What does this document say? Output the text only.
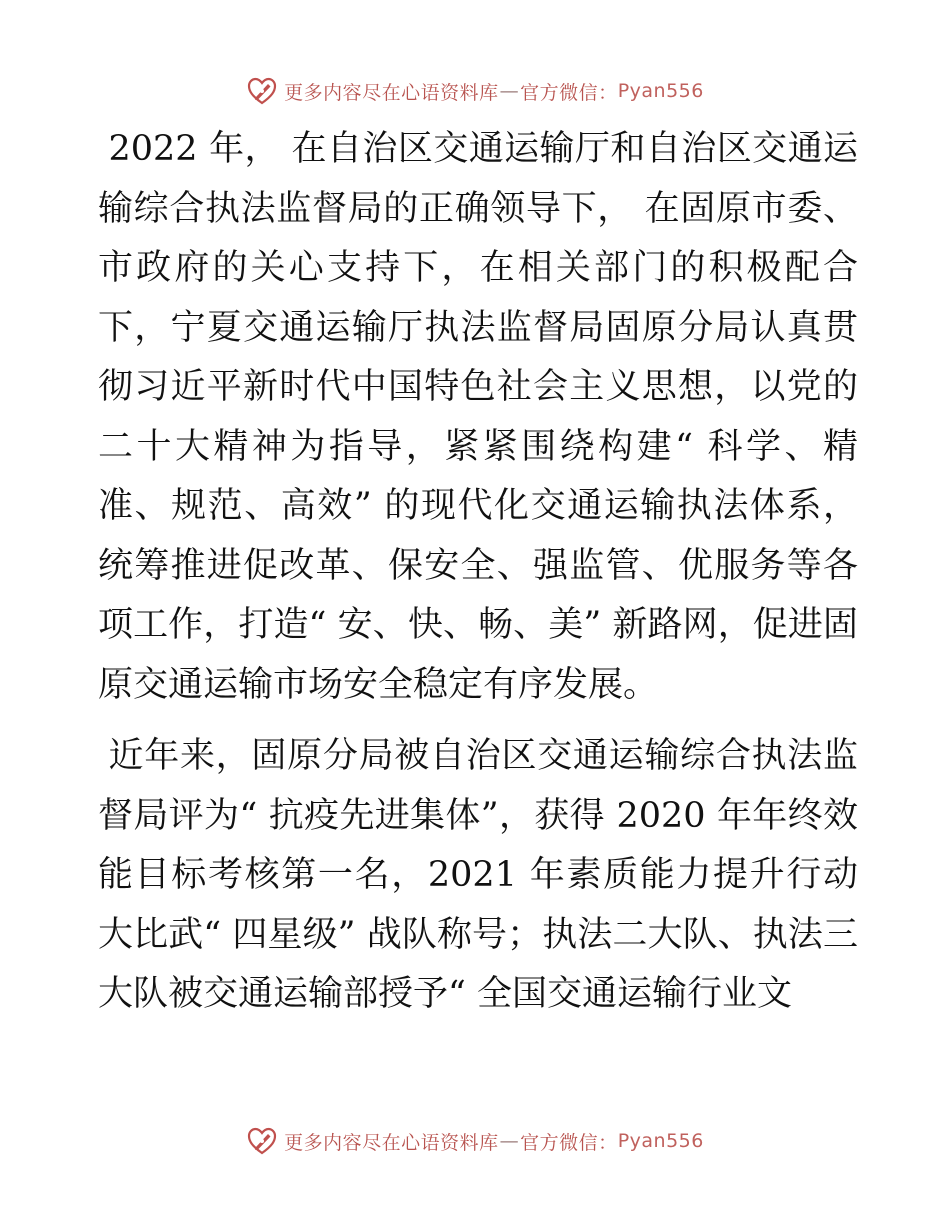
更多内容尽在心语资料库 — 官方微信： Pyan556

2022 年， 在自治区交通运输厅和自治区交通运输综合执法监督局的正确领导下， 在固原市委、市政府的关心支持下，在相关部门的积极配合下，宁夏交通运输厅执法监督局固原分局认真贯彻习近平新时代中国特色社会主义思想，以党的二十大精神为指导，紧紧围绕构建“ 科学、精准、规范、高效” 的现代化交通运输执法体系，统筹推进促改革、保安全、强监管、优服务等各项工作，打造“ 安、快、畅、美” 新路网，促进固原交通运输市场安全稳定有序发展。

近年来，固原分局被自治区交通运输综合执法监督局评为“ 抗疫先进集体”，获得 2020 年年终效能目标考核第一名，2021 年素质能力提升行动大比武“ 四星级” 战队称号；执法二大队、执法三大队被交通运输部授予“ 全国交通运输行业文

更多内容尽在心语资料库 — 官方微信： Pyan556
